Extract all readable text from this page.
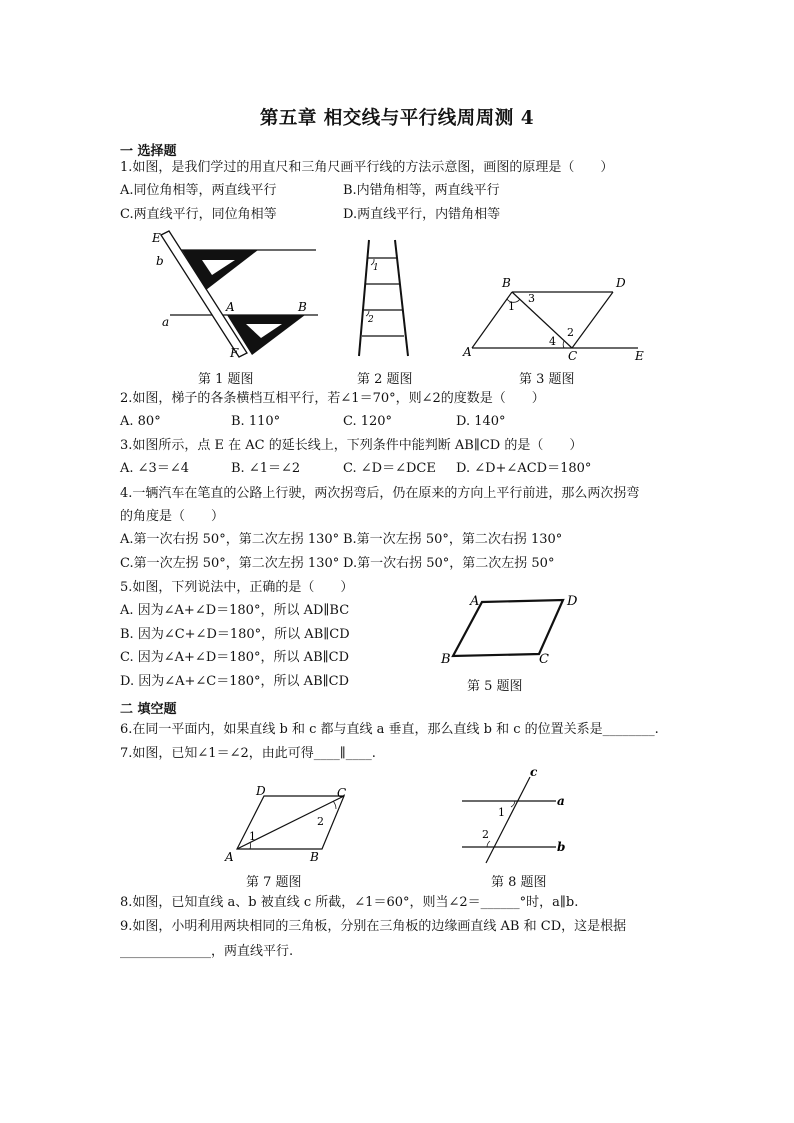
第五章 相交线与平行线周周测 4
一 选择题
1.如图，是我们学过的用直尺和三角尺画平行线的方法示意图，画图的原理是（　　）
A.同位角相等，两直线平行	B.内错角相等，两直线平行
C.两直线平行，同位角相等	D.两直线平行，内错角相等
E
b
A	B
a
F
1
2
B	D
3
1
2
4
A	C	E
第 1 题图	第 2 题图	第 3 题图
2.如图，梯子的各条横档互相平行，若∠1＝70°，则∠2的度数是（　　）
A. 80°	B. 110°	C. 120°	D. 140°
3.如图所示，点 E 在 AC 的延长线上，下列条件中能判断 AB∥CD 的是（　　）
A. ∠3＝∠4	B. ∠1＝∠2	C. ∠D＝∠DCE D. ∠D+∠ACD＝180°
4.一辆汽车在笔直的公路上行驶，两次拐弯后，仍在原来的方向上平行前进，那么两次拐弯
的角度是（　　）
A.第一次右拐 50°，第二次左拐 130° B.第一次左拐 50°，第二次右拐 130°
C.第一次左拐 50°，第二次左拐 130° D.第一次右拐 50°，第二次左拐 50°
5.如图，下列说法中，正确的是（　　）
A. 因为∠A+∠D＝180°，所以 AD∥BC
B. 因为∠C+∠D＝180°，所以 AB∥CD
C. 因为∠A+∠D＝180°，所以 AB∥CD
D. 因为∠A+∠C＝180°，所以 AB∥CD
A	D
B	C
第 5 题图
二 填空题
6.在同一平面内，如果直线 b 和 c 都与直线 a 垂直，那么直线 b 和 c 的位置关系是________.
7.如图，已知∠1＝∠2，由此可得____∥____.
D	C
2
1
A	B
c
a
1
2
b
第 7 题图	第 8 题图
8.如图，已知直线 a、b 被直线 c 所截，∠1＝60°，则当∠2＝______°时，a∥b.
9.如图，小明利用两块相同的三角板，分别在三角板的边缘画直线 AB 和 CD，这是根据
______________，两直线平行.
